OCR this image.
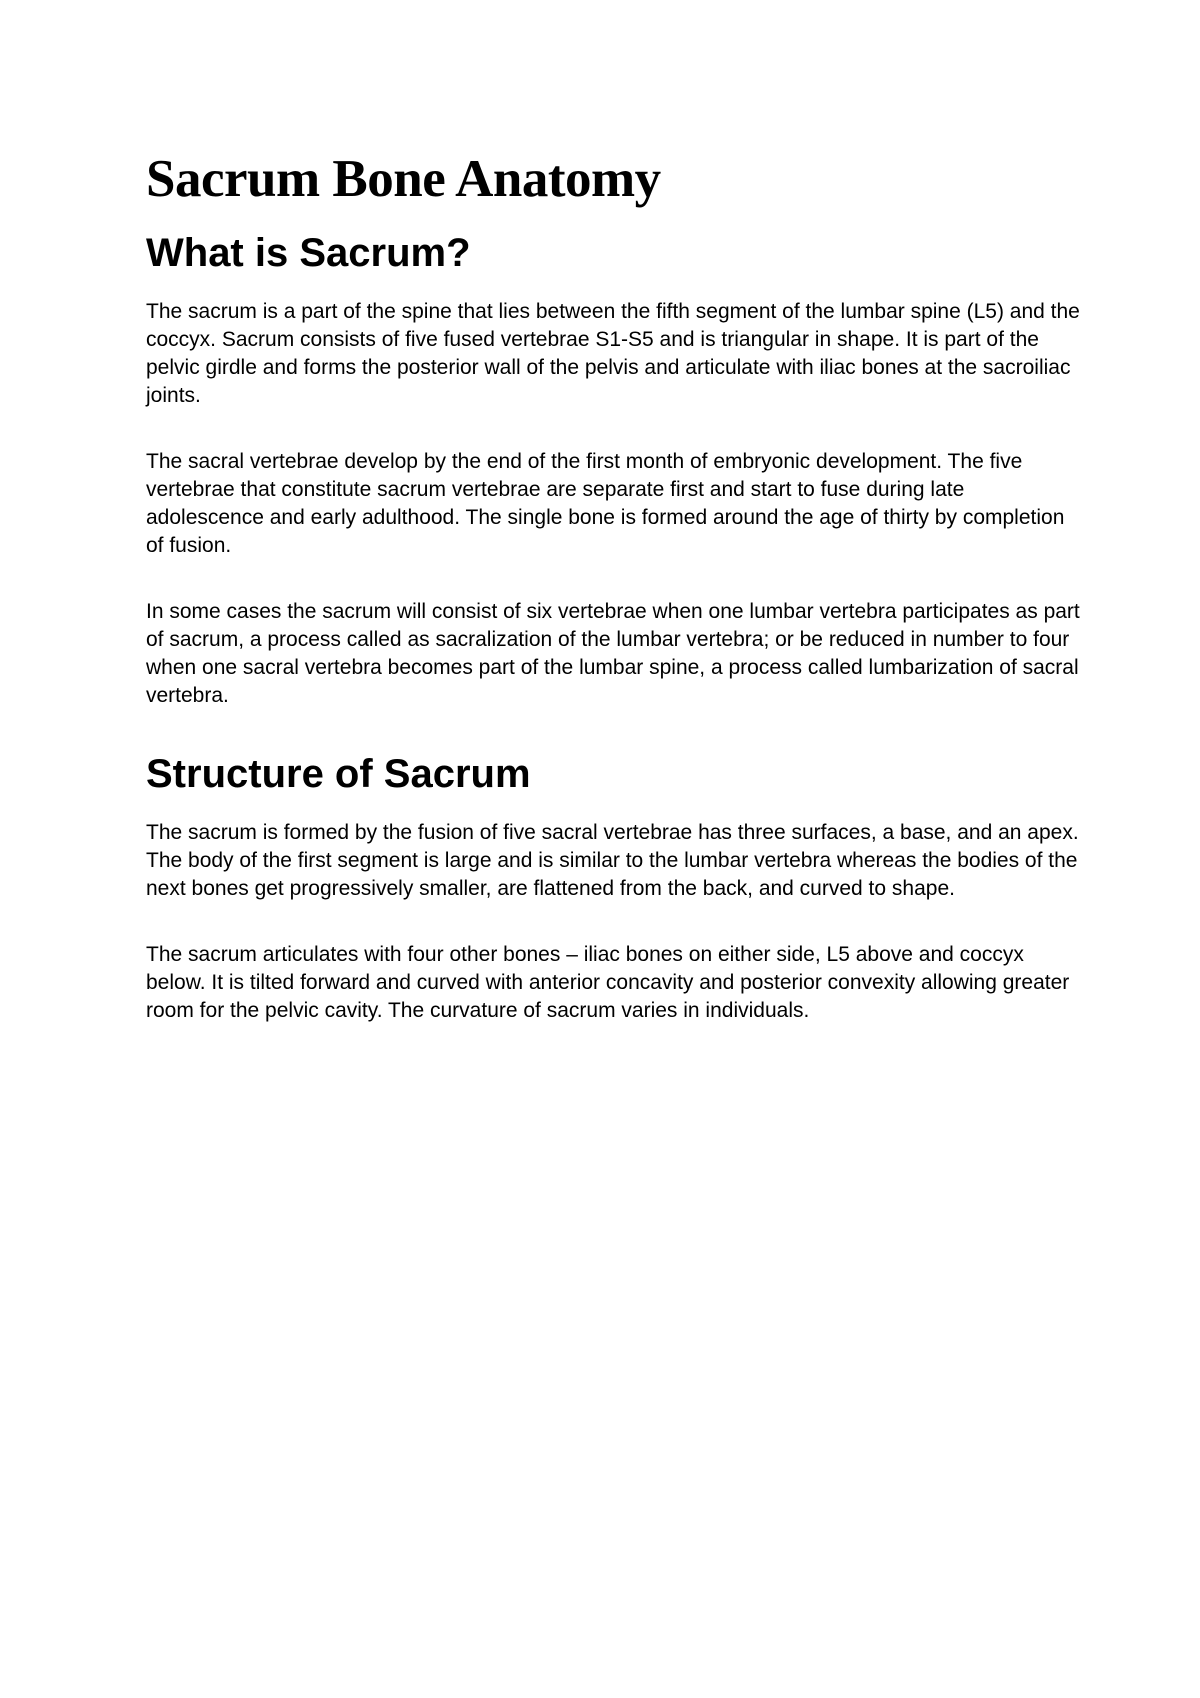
Sacrum Bone Anatomy
What is Sacrum?

The sacrum is a part of the spine that lies between the fifth segment of the lumbar spine (L5) and the coccyx. Sacrum consists of five fused vertebrae S1-S5 and is triangular in shape. It is part of the pelvic girdle and forms the posterior wall of the pelvis and articulate with iliac bones at the sacroiliac joints.

The sacral vertebrae develop by the end of the first month of embryonic development. The five vertebrae that constitute sacrum vertebrae are separate first and start to fuse during late adolescence and early adulthood. The single bone is formed around the age of thirty by completion of fusion.

In some cases the sacrum will consist of six vertebrae when one lumbar vertebra participates as part of sacrum, a process called as sacralization of the lumbar vertebra; or be reduced in number to four when one sacral vertebra becomes part of the lumbar spine, a process called lumbarization of sacral vertebra.

Structure of Sacrum

The sacrum is formed by the fusion of five sacral vertebrae has three surfaces, a base, and an apex. The body of the first segment is large and is similar to the lumbar vertebra whereas the bodies of the next bones get progressively smaller, are flattened from the back, and curved to shape.

The sacrum articulates with four other bones – iliac bones on either side, L5 above and coccyx below. It is tilted forward and curved with anterior concavity and posterior convexity allowing greater room for the pelvic cavity. The curvature of sacrum varies in individuals.
